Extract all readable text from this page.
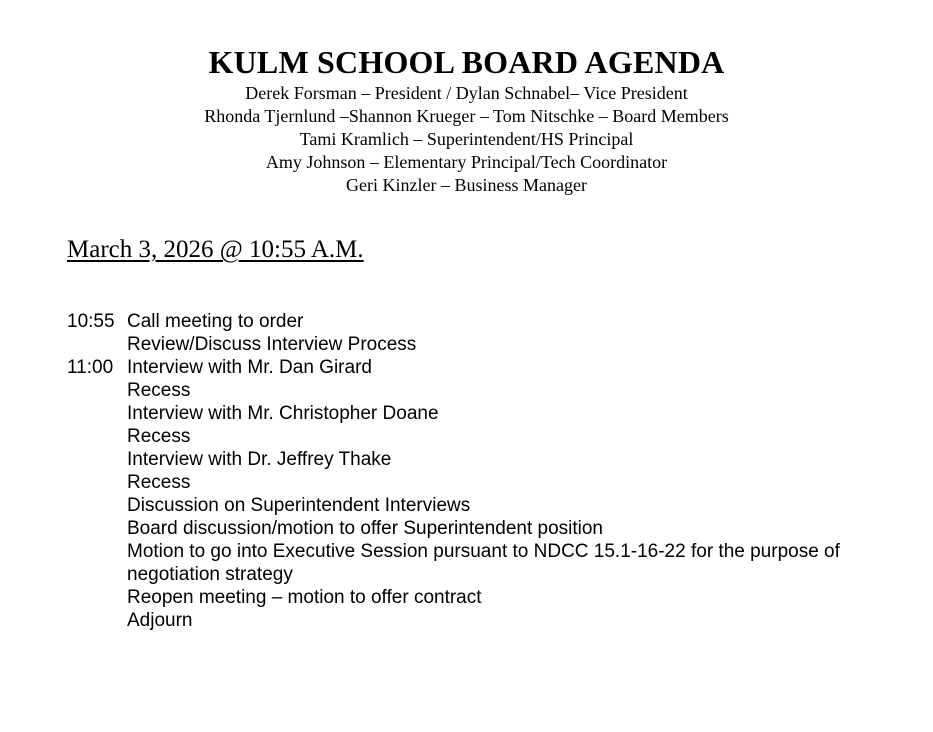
KULM SCHOOL BOARD AGENDA
Derek Forsman – President / Dylan Schnabel– Vice President
Rhonda Tjernlund –Shannon Krueger – Tom Nitschke – Board Members
Tami Kramlich – Superintendent/HS Principal
Amy Johnson – Elementary Principal/Tech Coordinator
Geri Kinzler – Business Manager
March 3, 2026 @ 10:55 A.M.
10:55 Call meeting to order
Review/Discuss Interview Process
11:00 Interview with Mr. Dan Girard
Recess
Interview with Mr. Christopher Doane
Recess
Interview with Dr. Jeffrey Thake
Recess
Discussion on Superintendent Interviews
Board discussion/motion to offer Superintendent position
Motion to go into Executive Session pursuant to NDCC 15.1-16-22 for the purpose of negotiation strategy
Reopen meeting – motion to offer contract
Adjourn
